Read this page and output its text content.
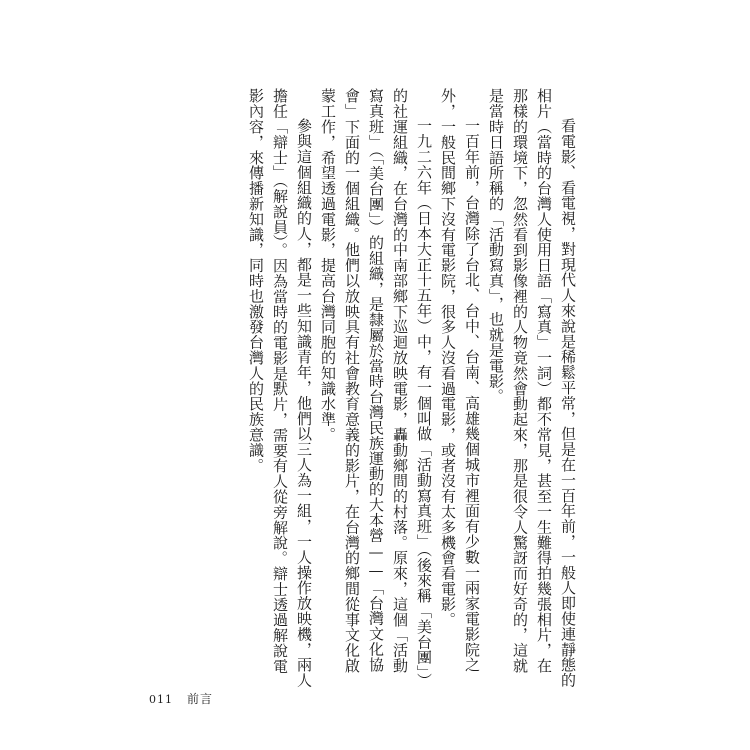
看電影、看電視，對現代人來說是稀鬆平常，但是在一百年前，一般人即使連靜態的相片（當時的台灣人使用日語「寫真」一詞）都不常見，甚至一生難得拍幾張相片，在那樣的環境下，忽然看到影像裡的人物竟然會動起來，那是很令人驚訝而好奇的，這就是當時日語所稱的「活動寫真」，也就是電影。

一百年前，台灣除了台北、台中、台南、高雄幾個城市裡面有少數一兩家電影院之外，一般民間鄉下沒有電影院，很多人沒看過電影，或者沒有太多機會看電影。

一九二六年（日本大正十五年）中，有一個叫做「活動寫真班」（後來稱「美台團」）的社運組織，在台灣的中南部鄉下巡迴放映電影，轟動鄉間的村落。原來，這個「活動寫真班」（「美台團」）的組織，是隸屬於當時台灣民族運動的大本營——「台灣文化協會」下面的一個組織。他們以放映具有社會教育意義的影片，在台灣的鄉間從事文化啟蒙工作，希望透過電影，提高台灣同胞的知識水準。

參與這個組織的人，都是一些知識青年，他們以三人為一組，一人操作放映機，兩人擔任「辯士」（解說員）。因為當時的電影是默片，需要有人從旁解說。辯士透過解說電影內容，來傳播新知識，同時也激發台灣人的民族意識。

011 前言
